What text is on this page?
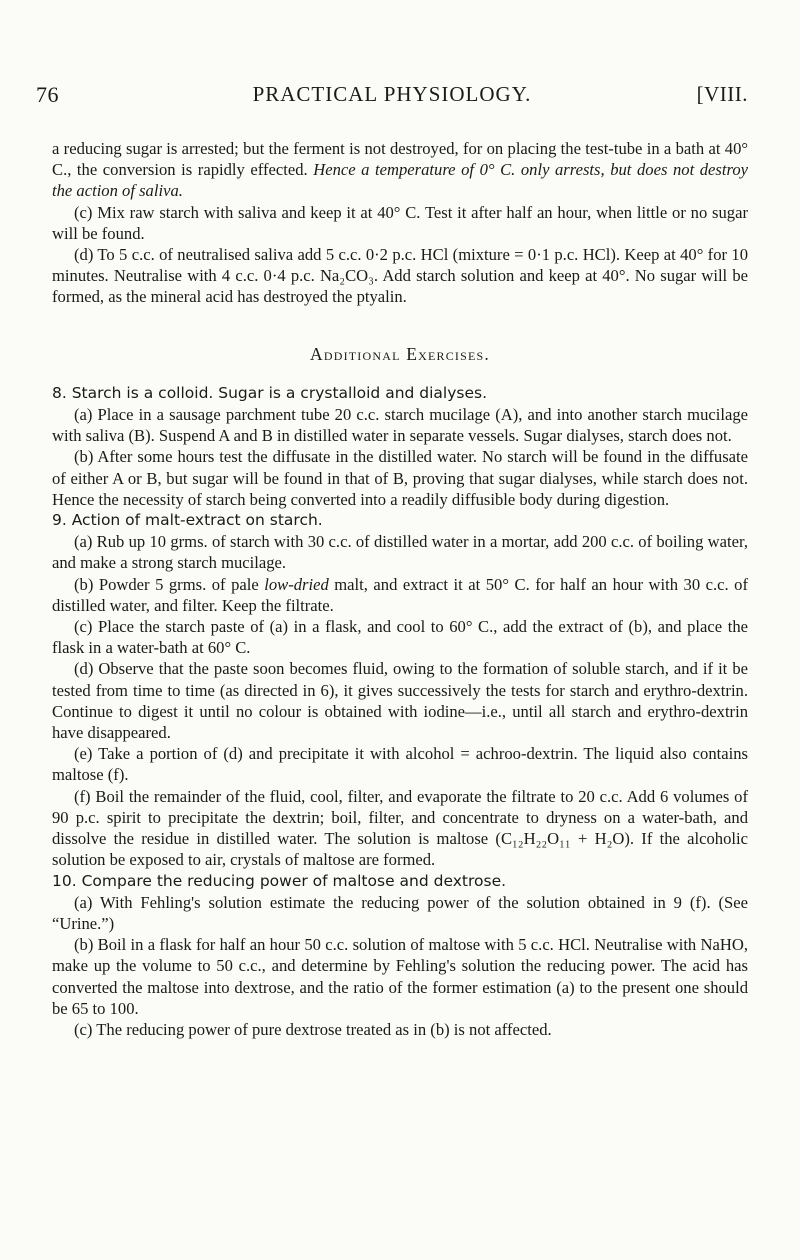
76	PRACTICAL PHYSIOLOGY.	[VIII.

a reducing sugar is arrested; but the ferment is not destroyed, for on placing the test-tube in a bath at 40° C., the conversion is rapidly effected. Hence a temperature of 0° C. only arrests, but does not destroy the action of saliva.

(c) Mix raw starch with saliva and keep it at 40° C. Test it after half an hour, when little or no sugar will be found.

(d) To 5 c.c. of neutralised saliva add 5 c.c. 0·2 p.c. HCl (mixture = 0·1 p.c. HCl). Keep at 40° for 10 minutes. Neutralise with 4 c.c. 0·4 p.c. Na₂CO₃. Add starch solution and keep at 40°. No sugar will be formed, as the mineral acid has destroyed the ptyalin.

Additional Exercises.

8. Starch is a colloid. Sugar is a crystalloid and dialyses.

(a) Place in a sausage parchment tube 20 c.c. starch mucilage (A), and into another starch mucilage with saliva (B). Suspend A and B in distilled water in separate vessels. Sugar dialyses, starch does not.

(b) After some hours test the diffusate in the distilled water. No starch will be found in the diffusate of either A or B, but sugar will be found in that of B, proving that sugar dialyses, while starch does not. Hence the necessity of starch being converted into a readily diffusible body during digestion.

9. Action of malt-extract on starch.

(a) Rub up 10 grms. of starch with 30 c.c. of distilled water in a mortar, add 200 c.c. of boiling water, and make a strong starch mucilage.

(b) Powder 5 grms. of pale low-dried malt, and extract it at 50° C. for half an hour with 30 c.c. of distilled water, and filter. Keep the filtrate.

(c) Place the starch paste of (a) in a flask, and cool to 60° C., add the extract of (b), and place the flask in a water-bath at 60° C.

(d) Observe that the paste soon becomes fluid, owing to the formation of soluble starch, and if it be tested from time to time (as directed in 6), it gives successively the tests for starch and erythro-dextrin. Continue to digest it until no colour is obtained with iodine—i.e., until all starch and erythro-dextrin have disappeared.

(e) Take a portion of (d) and precipitate it with alcohol = achroo-dextrin. The liquid also contains maltose (f).

(f) Boil the remainder of the fluid, cool, filter, and evaporate the filtrate to 20 c.c. Add 6 volumes of 90 p.c. spirit to precipitate the dextrin; boil, filter, and concentrate to dryness on a water-bath, and dissolve the residue in distilled water. The solution is maltose (C₁₂H₂₂O₁₁ + H₂O). If the alcoholic solution be exposed to air, crystals of maltose are formed.

10. Compare the reducing power of maltose and dextrose.

(a) With Fehling's solution estimate the reducing power of the solution obtained in 9 (f). (See “Urine.”)

(b) Boil in a flask for half an hour 50 c.c. solution of maltose with 5 c.c. HCl. Neutralise with NaHO, make up the volume to 50 c.c., and determine by Fehling's solution the reducing power. The acid has converted the maltose into dextrose, and the ratio of the former estimation (a) to the present one should be 65 to 100.

(c) The reducing power of pure dextrose treated as in (b) is not affected.
